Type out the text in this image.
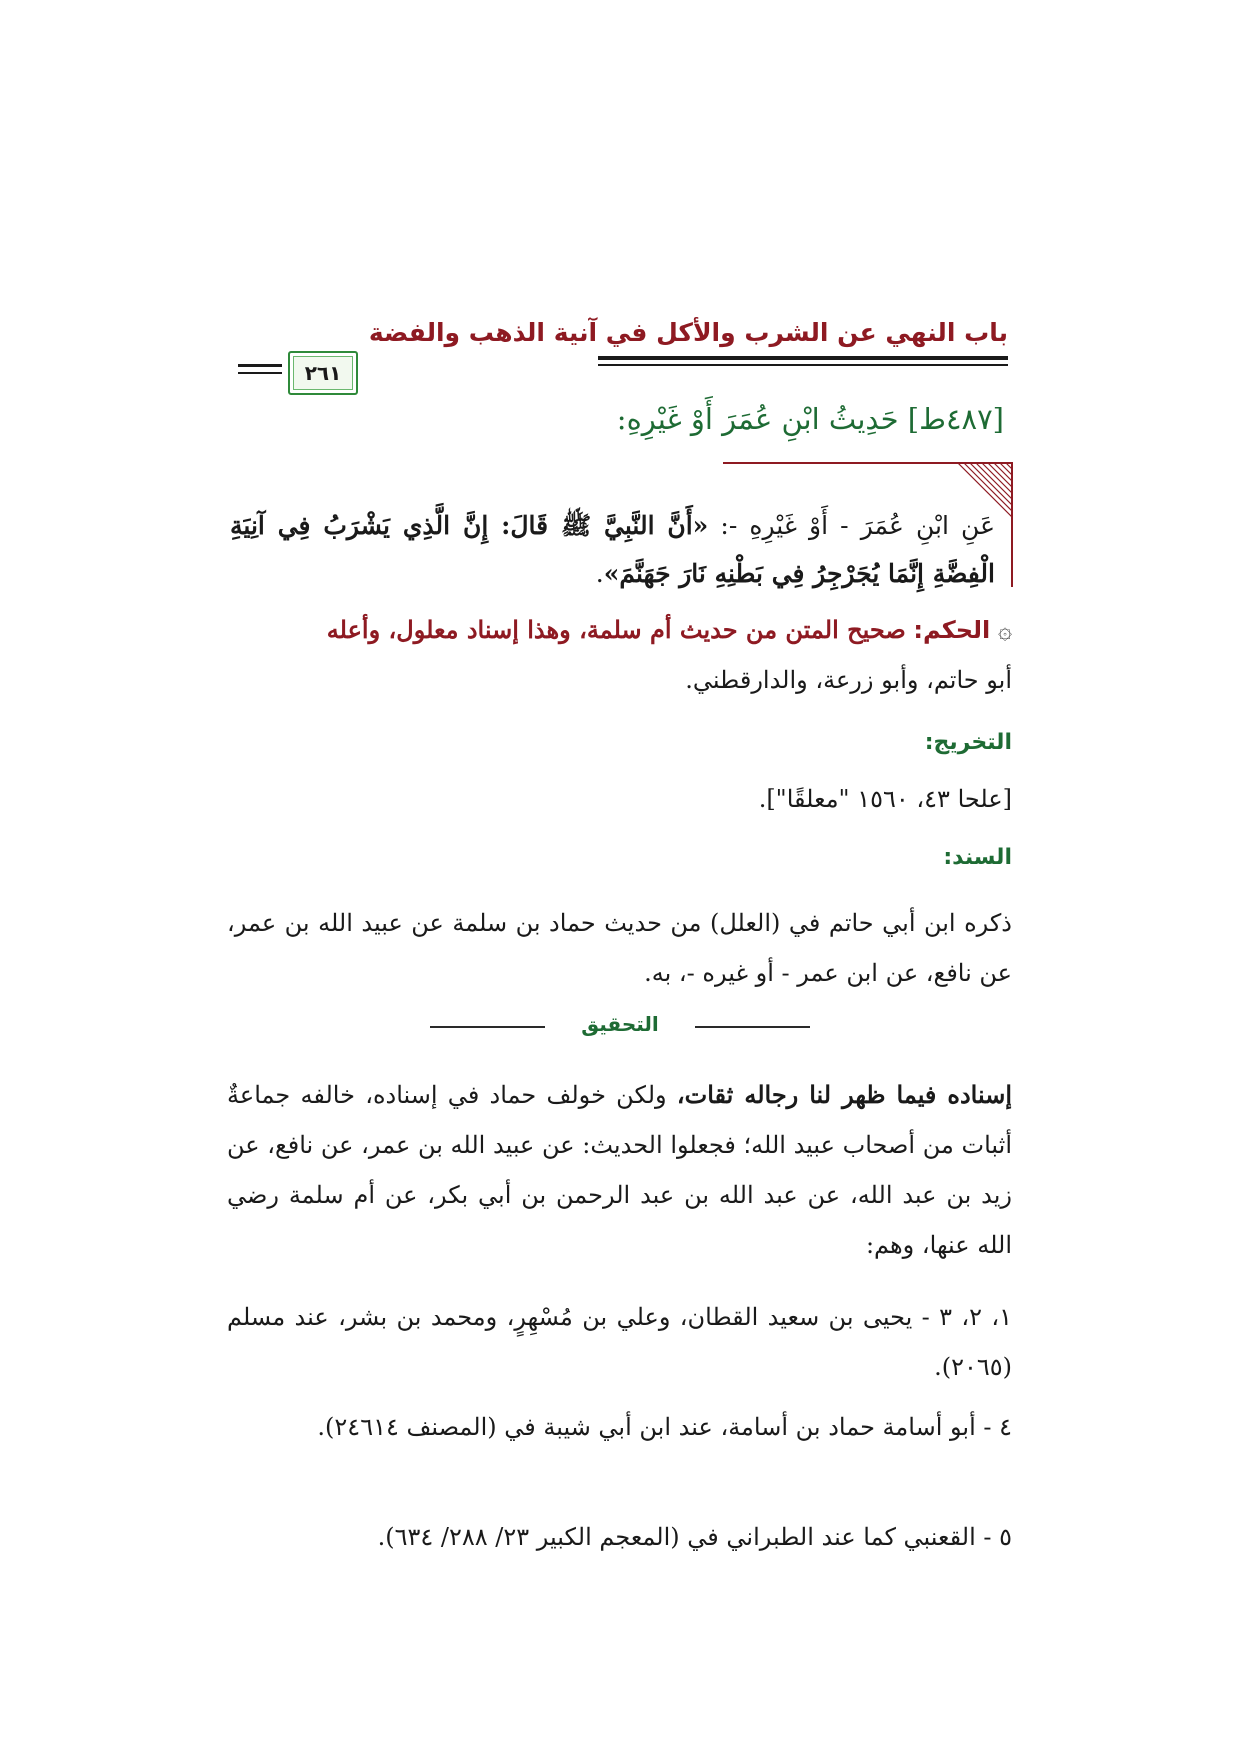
باب النهي عن الشرب والأكل في آنية الذهب والفضة
٢٦١
[٤٨٧ط] حَدِيثُ ابْنِ عُمَرَ أَوْ غَيْرِهِ:
عَنِ ابْنِ عُمَرَ - أَوْ غَيْرِهِ -: «أَنَّ النَّبِيَّ ﷺ قَالَ: إِنَّ الَّذِي يَشْرَبُ فِي آنِيَةِ الْفِضَّةِ إِنَّمَا يُجَرْجِرُ فِي بَطْنِهِ نَارَ جَهَنَّمَ».
۞ الحكم: صحيح المتن من حديث أم سلمة، وهذا إسناد معلول، وأعله
أبو حاتم، وأبو زرعة، والدارقطني.
التخريج:
[علحا ٤٣، ١٥٦٠ "معلقًا"].
السند:
ذكره ابن أبي حاتم في (العلل) من حديث حماد بن سلمة عن عبيد الله بن عمر، عن نافع، عن ابن عمر - أو غيره -، به.
التحقيق
إسناده فيما ظهر لنا رجاله ثقات، ولكن خولف حماد في إسناده، خالفه جماعةٌ أثبات من أصحاب عبيد الله؛ فجعلوا الحديث: عن عبيد الله بن عمر، عن نافع، عن زيد بن عبد الله، عن عبد الله بن عبد الرحمن بن أبي بكر، عن أم سلمة رضي الله عنها، وهم:
١، ٢، ٣ - يحيى بن سعيد القطان، وعلي بن مُسْهِرٍ، ومحمد بن بشر، عند مسلم (٢٠٦٥).
٤ - أبو أسامة حماد بن أسامة، عند ابن أبي شيبة في (المصنف ٢٤٦١٤).
٥ - القعنبي كما عند الطبراني في (المعجم الكبير ٢٣/ ٢٨٨/ ٦٣٤).
